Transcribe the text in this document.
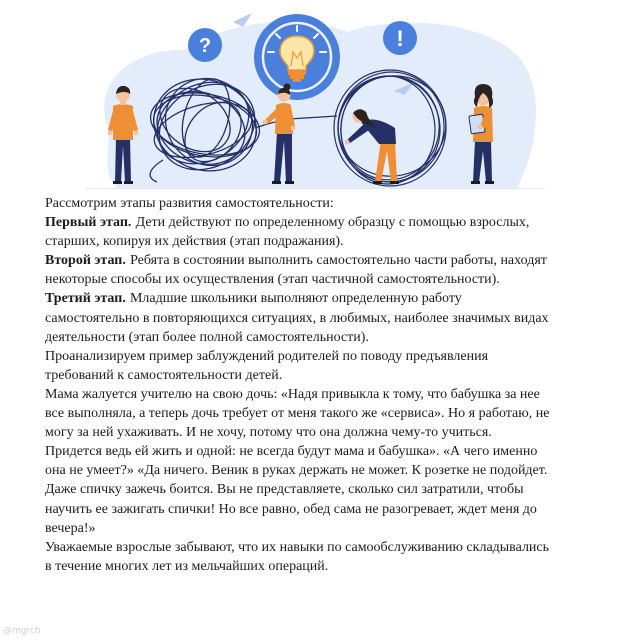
?	!
Рассмотрим этапы развития самостоятельности:
Первый этап. Дети действуют по определенному образцу с помощью взрослых,
старших, копируя их действия (этап подражания).
Второй этап. Ребята в состоянии выполнить самостоятельно части работы, находят
некоторые способы их осуществления (этап частичной самостоятельности).
Третий этап. Младшие школьники выполняют определенную работу
самостоятельно в повторяющихся ситуациях, в любимых, наиболее значимых видах
деятельности (этап более полной самостоятельности).
Проанализируем пример заблуждений родителей по поводу предъявления
требований к самостоятельности детей.
Мама жалуется учителю на свою дочь: «Надя привыкла к тому, что бабушка за нее
все выполняла, а теперь дочь требует от меня такого же «сервиса». Но я работаю, не
могу за ней ухаживать. И не хочу, потому что она должна чему-то учиться.
Придется ведь ей жить и одной: не всегда будут мама и бабушка». «А чего именно
она не умеет?» «Да ничего. Веник в руках держать не может. К розетке не подойдет.
Даже спичку зажечь боится. Вы не представляете, сколько сил затратили, чтобы
научить ее зажигать спички! Но все равно, обед сама не разогревает, ждет меня до
вечера!»
Уважаемые взрослые забывают, что их навыки по самообслуживанию складывались
в течение многих лет из мельчайших операций.
@mgrch
